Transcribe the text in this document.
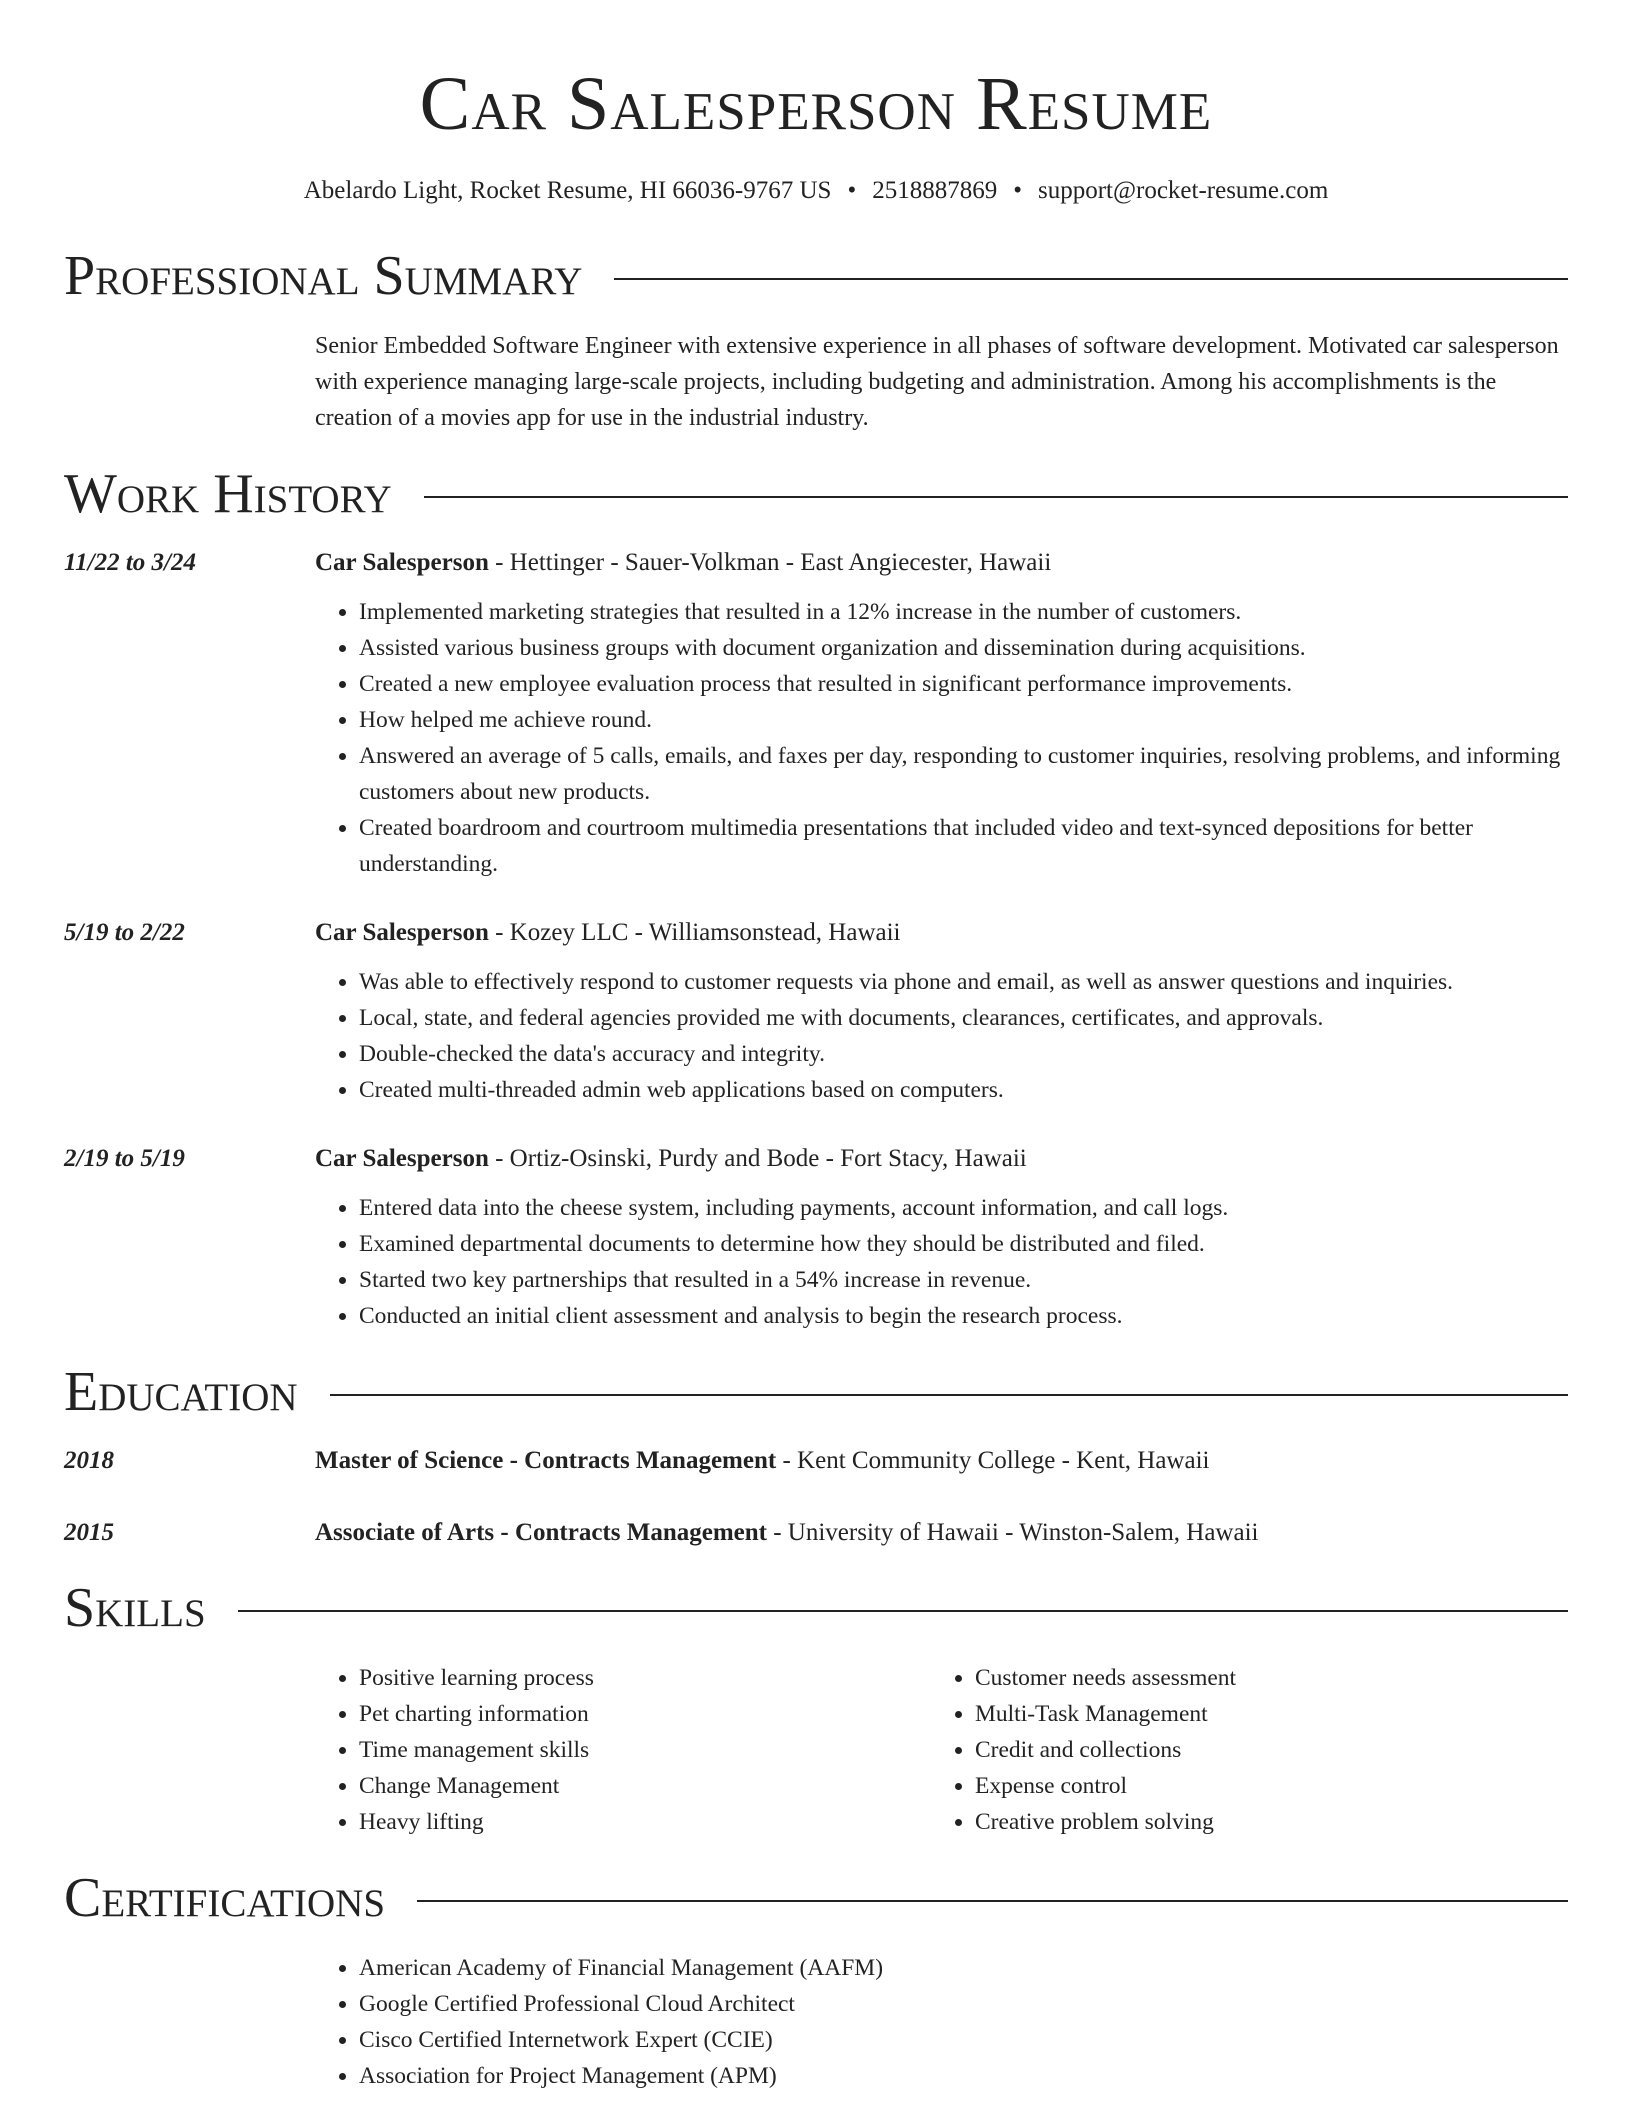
Car Salesperson Resume
Abelardo Light, Rocket Resume, HI 66036-9767 US • 2518887869 • support@rocket-resume.com
Professional Summary
Senior Embedded Software Engineer with extensive experience in all phases of software development. Motivated car salesperson with experience managing large-scale projects, including budgeting and administration. Among his accomplishments is the creation of a movies app for use in the industrial industry.
Work History
11/22 to 3/24	Car Salesperson - Hettinger - Sauer-Volkman - East Angiecester, Hawaii
• Implemented marketing strategies that resulted in a 12% increase in the number of customers.
• Assisted various business groups with document organization and dissemination during acquisitions.
• Created a new employee evaluation process that resulted in significant performance improvements.
• How helped me achieve round.
• Answered an average of 5 calls, emails, and faxes per day, responding to customer inquiries, resolving problems, and informing customers about new products.
• Created boardroom and courtroom multimedia presentations that included video and text-synced depositions for better understanding.
5/19 to 2/22	Car Salesperson - Kozey LLC - Williamsonstead, Hawaii
• Was able to effectively respond to customer requests via phone and email, as well as answer questions and inquiries.
• Local, state, and federal agencies provided me with documents, clearances, certificates, and approvals.
• Double-checked the data's accuracy and integrity.
• Created multi-threaded admin web applications based on computers.
2/19 to 5/19	Car Salesperson - Ortiz-Osinski, Purdy and Bode - Fort Stacy, Hawaii
• Entered data into the cheese system, including payments, account information, and call logs.
• Examined departmental documents to determine how they should be distributed and filed.
• Started two key partnerships that resulted in a 54% increase in revenue.
• Conducted an initial client assessment and analysis to begin the research process.
Education
2018	Master of Science - Contracts Management - Kent Community College - Kent, Hawaii
2015	Associate of Arts - Contracts Management - University of Hawaii - Winston-Salem, Hawaii
Skills
• Positive learning process
• Pet charting information
• Time management skills
• Change Management
• Heavy lifting
• Customer needs assessment
• Multi-Task Management
• Credit and collections
• Expense control
• Creative problem solving
Certifications
• American Academy of Financial Management (AAFM)
• Google Certified Professional Cloud Architect
• Cisco Certified Internetwork Expert (CCIE)
• Association for Project Management (APM)
